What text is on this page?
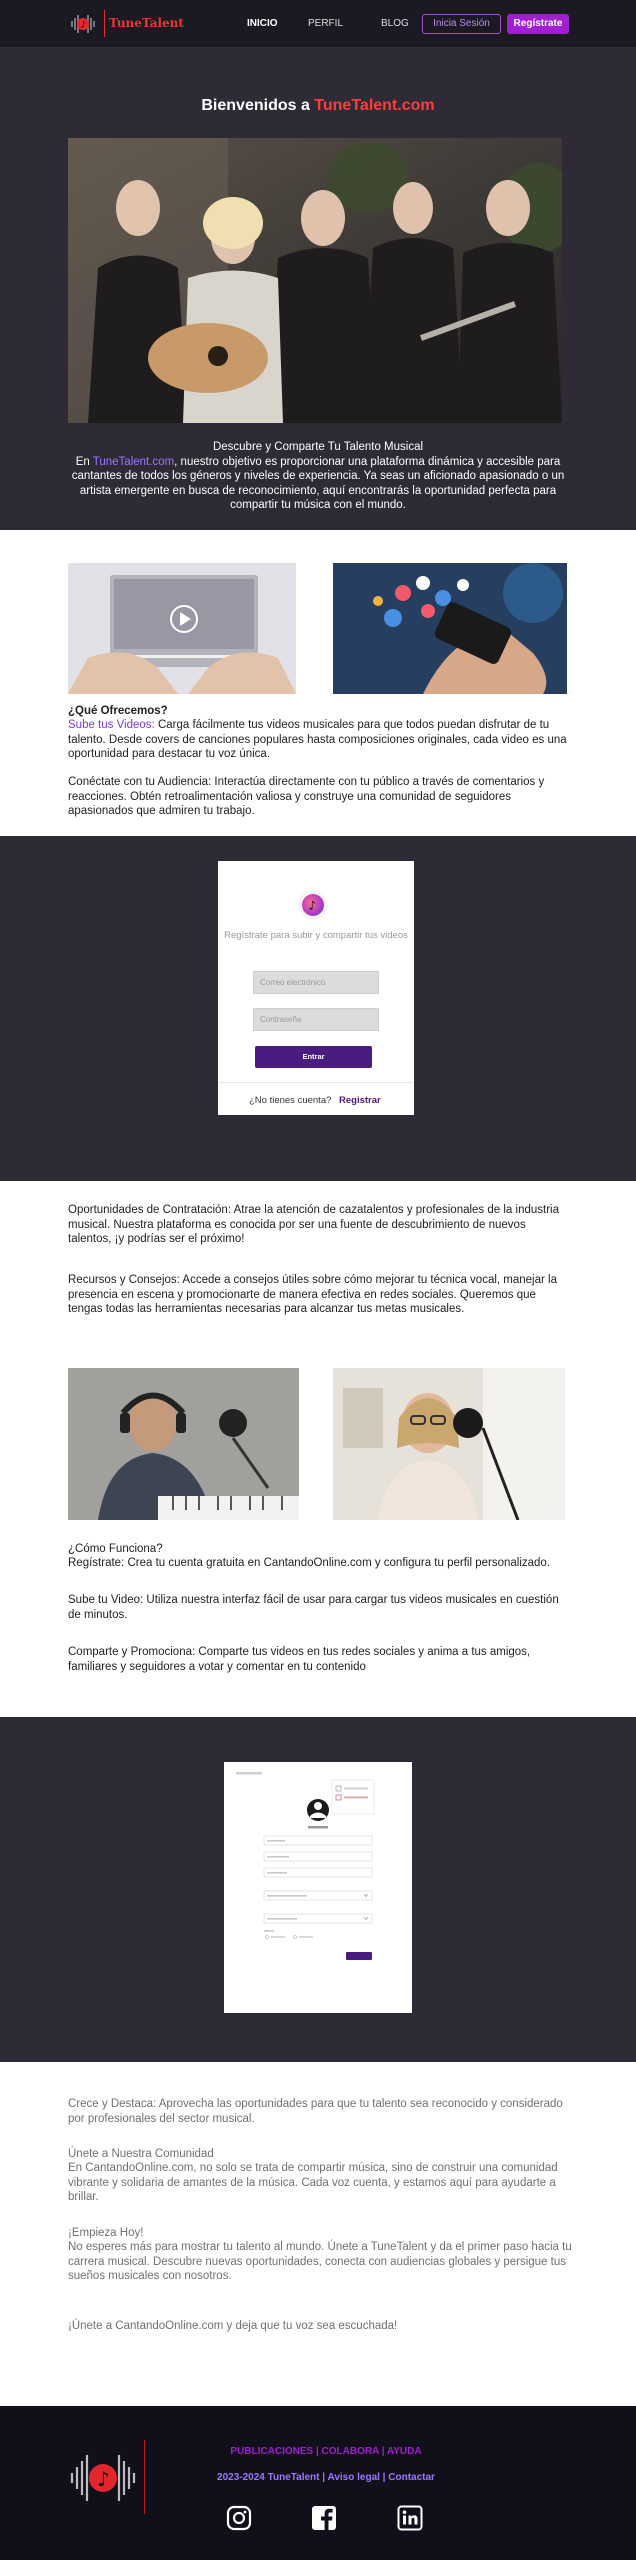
♪ TuneTalent	INICIO	PERFIL	BLOG	Inicia Sesión	Regístrate
Bienvenidos a TuneTalent.com
Descubre y Comparte Tu Talento Musical
En TuneTalent.com, nuestro objetivo es proporcionar una plataforma dinámica y accesible para cantantes de todos los géneros y niveles de experiencia. Ya seas un aficionado apasionado o un artista emergente en busca de reconocimiento, aquí encontrarás la oportunidad perfecta para compartir tu música con el mundo.
¿Qué Ofrecemos?
Sube tus Videos: Carga fácilmente tus videos musicales para que todos puedan disfrutar de tu talento. Desde covers de canciones populares hasta composiciones originales, cada video es una oportunidad para destacar tu voz única.
Conéctate con tu Audiencia: Interactúa directamente con tu público a través de comentarios y reacciones. Obtén retroalimentación valiosa y construye una comunidad de seguidores apasionados que admiren tu trabajo.
♪
Regístrate para subir y compartir tus videos
Correo electrónico
Contraseña
Entrar
¿No tienes cuenta? Registrar
Oportunidades de Contratación: Atrae la atención de cazatalentos y profesionales de la industria musical. Nuestra plataforma es conocida por ser una fuente de descubrimiento de nuevos talentos, ¡y podrías ser el próximo!
Recursos y Consejos: Accede a consejos útiles sobre cómo mejorar tu técnica vocal, manejar la presencia en escena y promocionarte de manera efectiva en redes sociales. Queremos que tengas todas las herramientas necesarias para alcanzar tus metas musicales.
¿Cómo Funciona?
Regístrate: Crea tu cuenta gratuita en CantandoOnline.com y configura tu perfil personalizado.
Sube tu Video: Utiliza nuestra interfaz fácil de usar para cargar tus videos musicales en cuestión de minutos.
Comparte y Promociona: Comparte tus videos en tus redes sociales y anima a tus amigos, familiares y seguidores a votar y comentar en tu contenido
Crece y Destaca: Aprovecha las oportunidades para que tu talento sea reconocido y considerado por profesionales del sector musical.
Únete a Nuestra Comunidad
En CantandoOnline.com, no solo se trata de compartir música, sino de construir una comunidad vibrante y solidaria de amantes de la música. Cada voz cuenta, y estamos aquí para ayudarte a brillar.
¡Empieza Hoy!
No esperes más para mostrar tu talento al mundo. Únete a TuneTalent y da el primer paso hacia tu carrera musical. Descubre nuevas oportunidades, conecta con audiencias globales y persigue tus sueños musicales con nosotros.
¡Únete a CantandoOnline.com y deja que tu voz sea escuchada!
♪
PUBLICACIONES | COLABORA | AYUDA
2023-2024 TuneTalent | Aviso legal | Contactar
